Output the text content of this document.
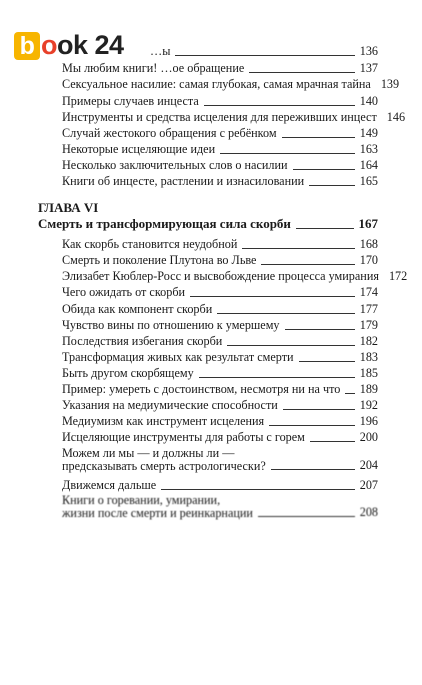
b o ok 24	…ы	136
Мы любим книги! …ое обращение	137
Сексуальное насилие: самая глубокая, самая мрачная тайна 139
Примеры случаев инцеста	140
Инструменты и средства исцеления для переживших инцест 146
Случай жестокого обращения с ребёнком	149
Некоторые исцеляющие идеи	163
Несколько заключительных слов о насилии	164
Книги об инцесте, растлении и изнасиловании	165
ГЛАВА VI
Смерть и трансформирующая сила скорби	167
Как скорбь становится неудобной	168
Смерть и поколение Плутона во Льве	170
Элизабет Кюблер-Росс и высвобождение процесса умирания 172
Чего ожидать от скорби	174
Обида как компонент скорби	177
Чувство вины по отношению к умершему	179
Последствия избегания скорби	182
Трансформация живых как результат смерти	183
Быть другом скорбящему	185
Пример: умереть с достоинством, несмотря ни на что 189
Указания на медиумические способности	192
Медиумизм как инструмент исцеления	196
Исцеляющие инструменты для работы с горем	200
Можем ли мы — и должны ли —
предсказывать смерть астрологически?	204
Движемся дальше	207
Книги о горевании, умирании,
жизни после смерти и реинкарнации	208
